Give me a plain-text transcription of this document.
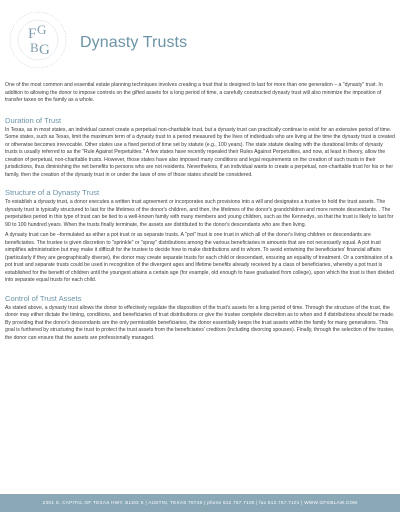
F G
B G Dynasty Trusts

One of the most common and essential estate planning techniques involves creating a trust that is designed to last for more than one generation – a "dynasty" trust. In addition to allowing the donor to impose controls on the gifted assets for a long period of time, a carefully constructed dynasty trust will also minimize the imposition of transfer taxes on the family as a whole.

Duration of Trust

In Texas, as in most states, an individual cannot create a perpetual non-charitable trust, but a dynasty trust can practically continue to exist for an extensive period of time. Some states, such as Texas, limit the maximum term of a dynasty trust to a period measured by the lives of individuals who are living at the time the dynasty trust is created or otherwise becomes irrevocable. Other states use a fixed period of time set by statute (e.g., 100 years). The state statute dealing with the durational limits of dynasty trusts is usually referred to as the "Rule Against Perpetuities." A few states have recently repealed their Rules Against Perpetuities, and now, at least in theory, allow the creation of perpetual, non-charitable trusts. However, those states have also imposed many conditions and legal requirements on the creation of such trusts in their jurisdictions, thus diminishing the net benefits to persons who are not residents. Nevertheless, if an individual wants to create a perpetual, non-charitable trust for his or her family, then the creation of the dynasty trust in or under the laws of one of those states should be considered.

Structure of a Dynasty Trust

To establish a dynasty trust, a donor executes a written trust agreement or incorporates such provisions into a will and designates a trustee to hold the trust assets. The dynasty trust is typically structured to last for the lifetimes of the donor's children, and then, the lifetimes of the donor's grandchildren and more remote descendants. . The perpetuities period in this type of trust can be tied to a well-known family with many members and young children, such as the Kennedys, so that the trust is likely to last for 90 to 100 hundred years. When the trusts finally terminate, the assets are distributed to the donor's descendants who are then living.

A dynasty trust can be –formulated as either a pot trust or as separate trusts. A "pot" trust is one trust in which all of the donor's living children or descendants are beneficiaries. The trustee is given discretion to "sprinkle" or "spray" distributions among the various beneficiaries in amounts that are not necessarily equal. A pot trust simplifies administration but may make it difficult for the trustee to decide how to make distributions and to whom. To avoid entwining the beneficiaries' financial affairs (particularly if they are geographically diverse), the donor may create separate trusts for each child or descendant, ensuring an equality of treatment. Or a combination of a pot trust and separate trusts could be used in recognition of the divergent ages and lifetime benefits already received by a class of beneficiaries, whereby a pot trust is established for the benefit of children until the youngest attains a certain age (for example, old enough to have graduated from college), upon which the trust is then divided into separate equal trusts for each child.

Control of Trust Assets

As stated above, a dynasty trust allows the donor to effectively regulate the disposition of the trust's assets for a long period of time. Through the structure of the trust, the donor may either dictate the timing, conditions, and beneficiaries of trust distributions or give the trustee complete discretion as to when and if distributions should be made. By providing that the donor's descendants are the only permissible beneficiaries, the donor essentially keeps the trust assets within the family for many generations. This goal is furthered by structuring the trust to protect the trust assets from the beneficiaries' creditors (including divorcing spouses). Finally, through the selection of the trustee, the donor can ensure that the assets are professionally managed.

2301 S. CAPITAL OF TEXAS HWY, BLDG K | AUSTIN, TEXAS 78746 | phone 512.767.7100 | fax 512.767.7101 | WWW.GFGBLAW.COM
